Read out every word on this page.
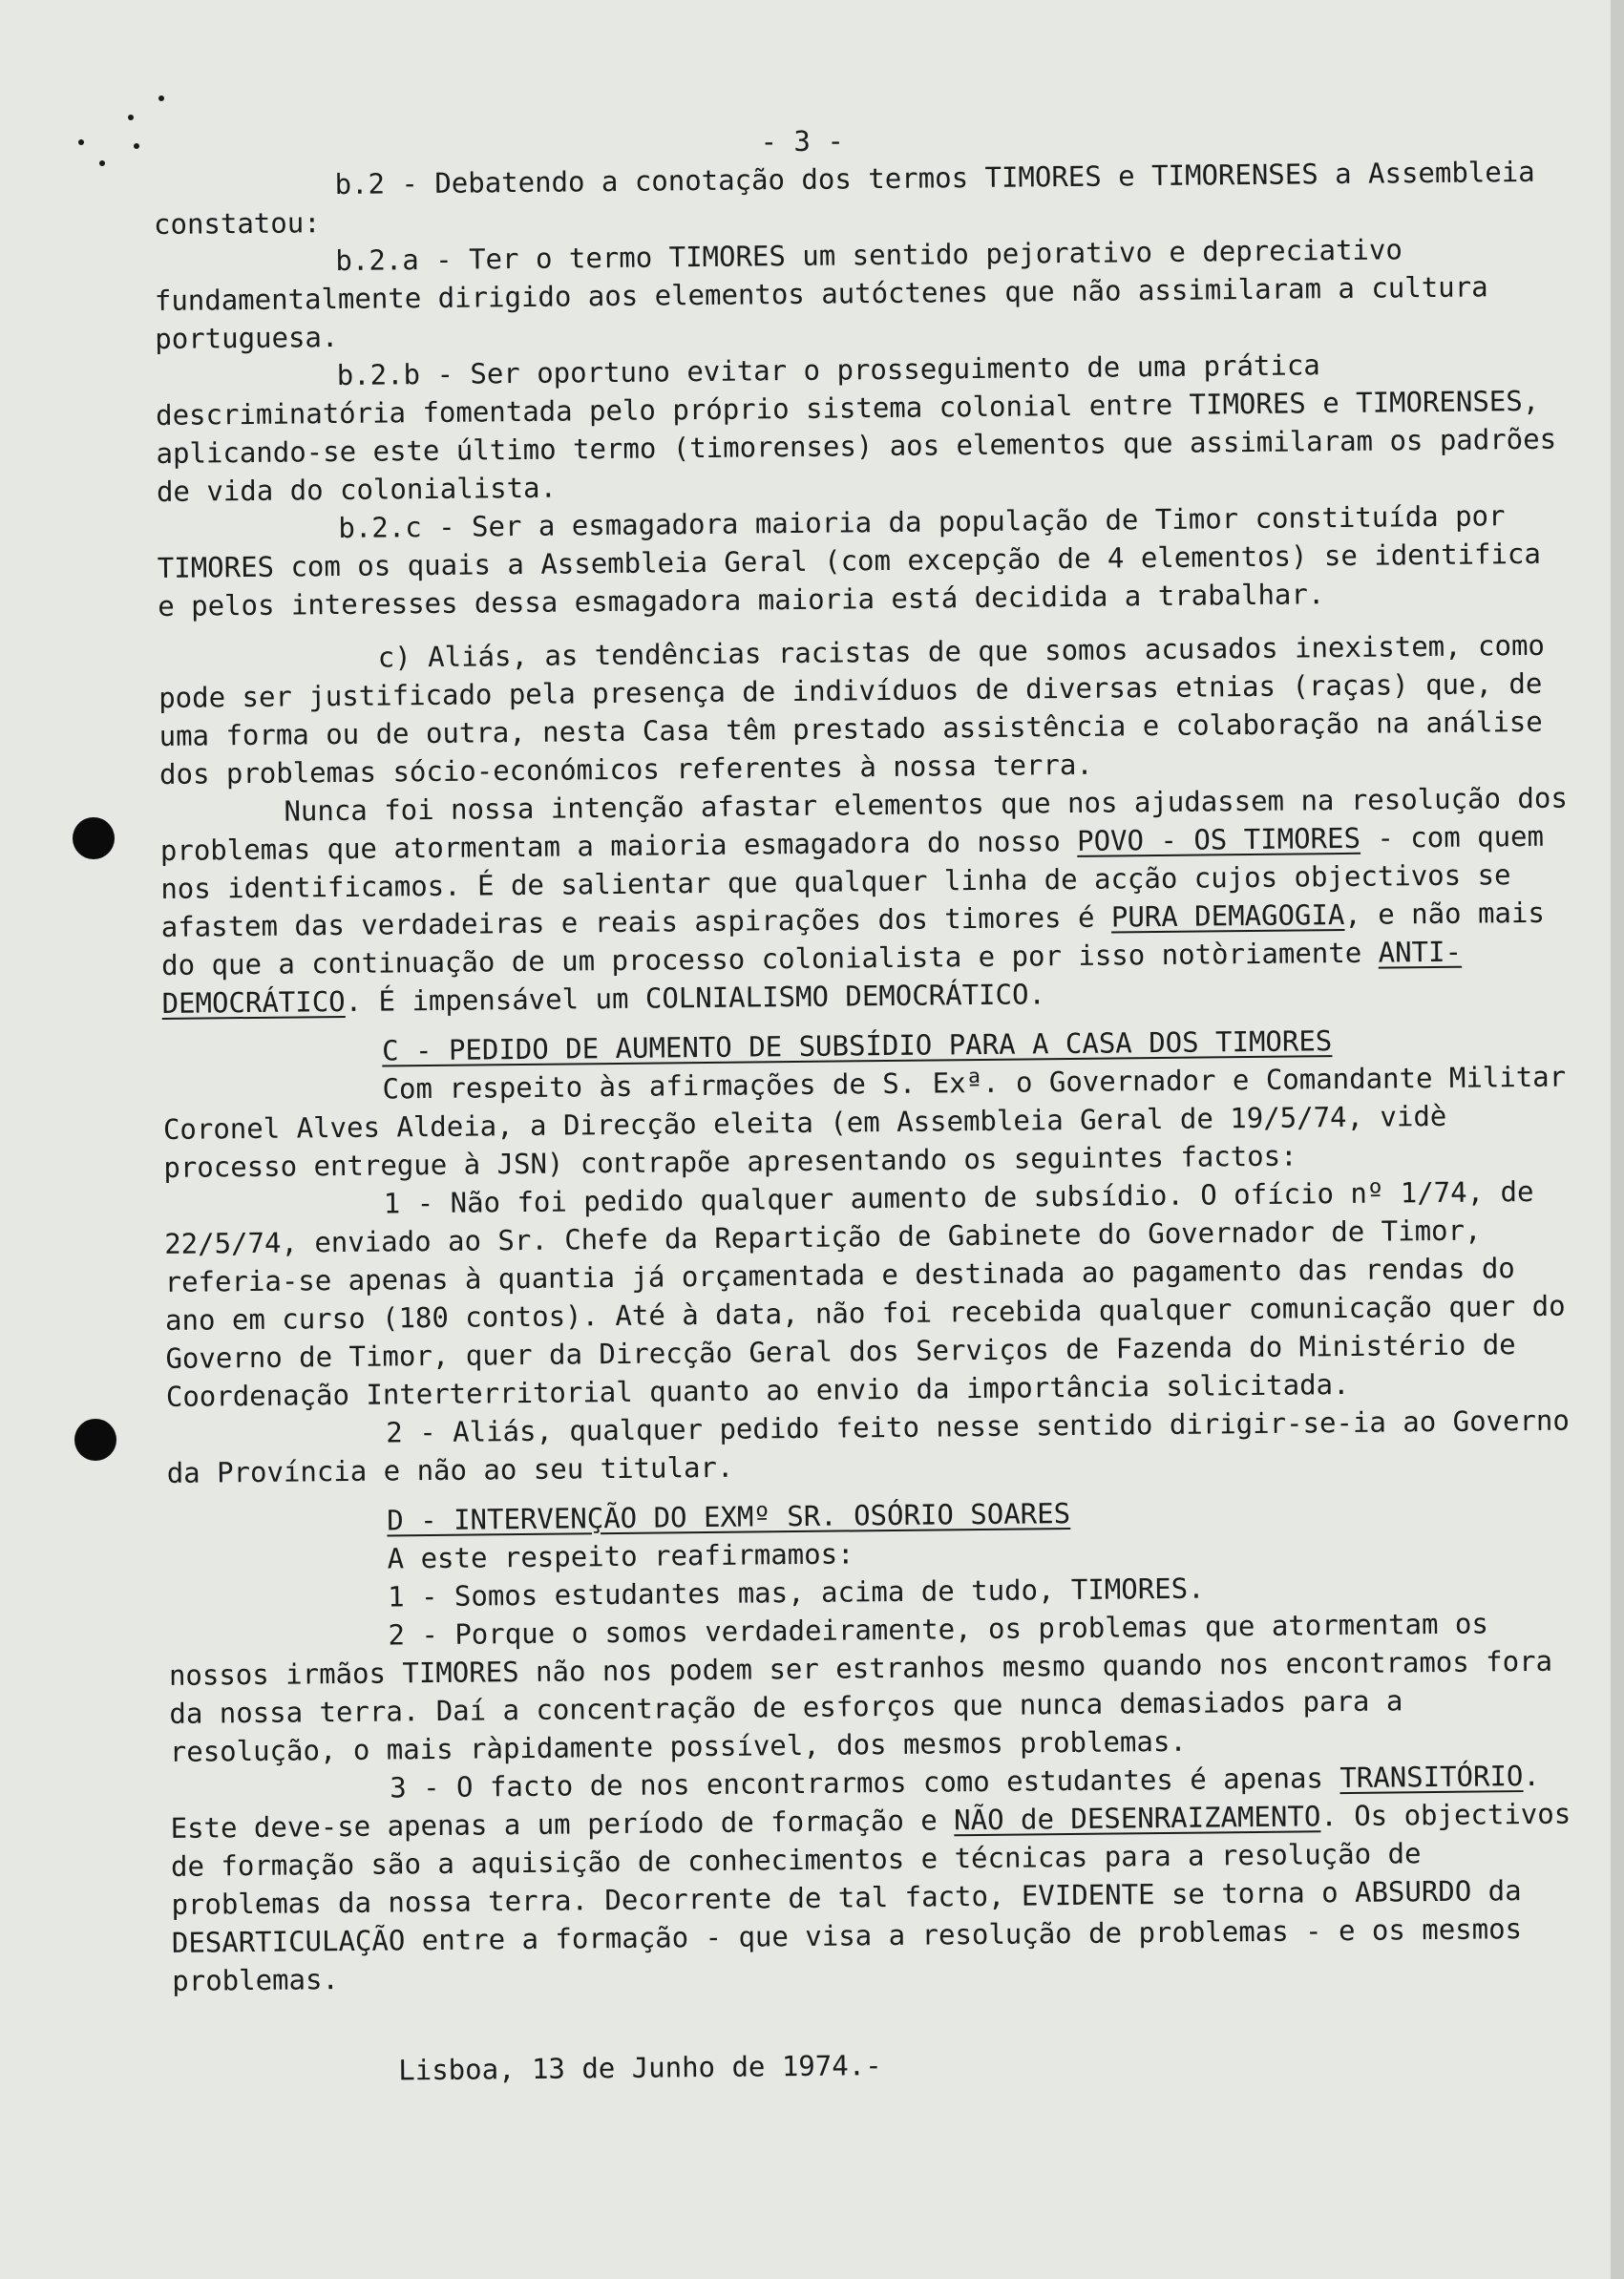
- 3 -

b.2 - Debatendo a conotação dos termos TIMORES e TIMORENSES a Assembleia constatou:

b.2.a - Ter o termo TIMORES um sentido pejorativo e depreciativo fundamentalmente dirigido aos elementos autóctenes que não assimilaram a cultura portuguesa.

b.2.b - Ser oportuno evitar o prosseguimento de uma prática descriminatória fomentada pelo próprio sistema colonial entre TIMORES e TIMORENSES, aplicando-se este último termo (timorenses) aos elementos que assimilaram os padrões de vida do colonialista.

b.2.c - Ser a esmagadora maioria da população de Timor constituída por TIMORES com os quais a Assembleia Geral (com excepção de 4 elementos) se identifica e pelos interesses dessa esmagadora maioria está decidida a trabalhar.

c) Aliás, as tendências racistas de que somos acusados inexistem, como pode ser justificado pela presença de indivíduos de diversas etnias (raças) que, de uma forma ou de outra, nesta Casa têm prestado assistência e colaboração na análise dos problemas sócio-económicos referentes à nossa terra.

Nunca foi nossa intenção afastar elementos que nos ajudassem na resolução dos problemas que atormentam a maioria esmagadora do nosso POVO - OS TIMORES - com quem nos identificamos. É de salientar que qualquer linha de acção cujos objectivos se afastem das verdadeiras e reais aspirações dos timores é PURA DEMAGOGIA, e não mais do que a continuação de um processo colonialista e por isso notòriamente ANTI-DEMOCRÁTICO. É impensável um COLNIALISMO DEMOCRÁTICO.

C - PEDIDO DE AUMENTO DE SUBSÍDIO PARA A CASA DOS TIMORES

Com respeito às afirmações de S. Exª. o Governador e Comandante Militar Coronel Alves Aldeia, a Direcção eleita (em Assembleia Geral de 19/5/74, vidè processo entregue à JSN) contrapõe apresentando os seguintes factos:

1 - Não foi pedido qualquer aumento de subsídio. O ofício nº 1/74, de 22/5/74, enviado ao Sr. Chefe da Repartição de Gabinete do Governador de Timor, referia-se apenas à quantia já orçamentada e destinada ao pagamento das rendas do ano em curso (180 contos). Até à data, não foi recebida qualquer comunicação quer do Governo de Timor, quer da Direcção Geral dos Serviços de Fazenda do Ministério de Coordenação Interterritorial quanto ao envio da importância solicitada.

2 - Aliás, qualquer pedido feito nesse sentido dirigir-se-ia ao Governo da Província e não ao seu titular.

D - INTERVENÇÃO DO EXMº SR. OSÓRIO SOARES

A este respeito reafirmamos:

1 - Somos estudantes mas, acima de tudo, TIMORES.

2 - Porque o somos verdadeiramente, os problemas que atormentam os nossos irmãos TIMORES não nos podem ser estranhos mesmo quando nos encontramos fora da nossa terra. Daí a concentração de esforços que nunca demasiados para a resolução, o mais ràpidamente possível, dos mesmos problemas.

3 - O facto de nos encontrarmos como estudantes é apenas TRANSITÓRIO. Este deve-se apenas a um período de formação e NÃO de DESENRAIZAMENTO. Os objectivos de formação são a aquisição de conhecimentos e técnicas para a resolução de problemas da nossa terra. Decorrente de tal facto, EVIDENTE se torna o ABSURDO da DESARTICULAÇÃO entre a formação - que visa a resolução de problemas - e os mesmos problemas.

Lisboa, 13 de Junho de 1974.-
